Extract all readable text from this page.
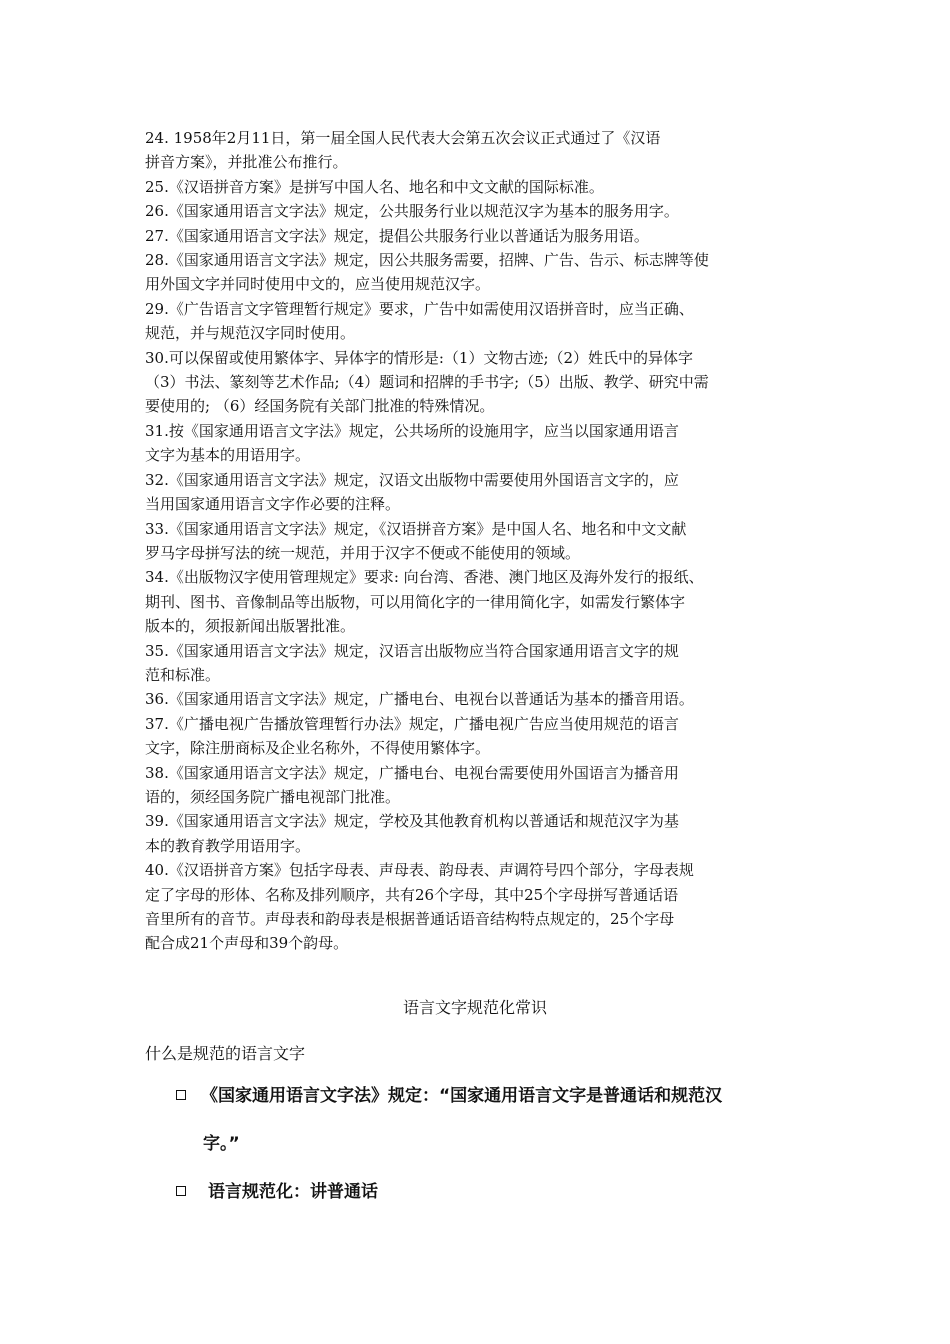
24. 1958年2月11日，第一届全国人民代表大会第五次会议正式通过了《汉语
拼音方案》，并批准公布推行。

25.《汉语拼音方案》是拼写中国人名、地名和中文文献的国际标准。

26.《国家通用语言文字法》规定，公共服务行业以规范汉字为基本的服务用字。

27.《国家通用语言文字法》规定，提倡公共服务行业以普通话为服务用语。

28.《国家通用语言文字法》规定，因公共服务需要，招牌、广告、告示、标志牌等使
用外国文字并同时使用中文的，应当使用规范汉字。

29.《广告语言文字管理暂行规定》要求，广告中如需使用汉语拼音时，应当正确、
规范，并与规范汉字同时使用。

30.可以保留或使用繁体字、异体字的情形是:（1）文物古迹;（2）姓氏中的异体字
（3）书法、篆刻等艺术作品;（4）题词和招牌的手书字;（5）出版、教学、研究中需
要使用的; （6）经国务院有关部门批准的特殊情况。

31.按《国家通用语言文字法》规定，公共场所的设施用字，应当以国家通用语言
文字为基本的用语用字。

32.《国家通用语言文字法》规定，汉语文出版物中需要使用外国语言文字的，应
当用国家通用语言文字作必要的注释。

33.《国家通用语言文字法》规定，《汉语拼音方案》是中国人名、地名和中文文献
罗马字母拼写法的统一规范，并用于汉字不便或不能使用的领域。

34.《出版物汉字使用管理规定》要求: 向台湾、香港、澳门地区及海外发行的报纸、
期刊、图书、音像制品等出版物，可以用简化字的一律用简化字，如需发行繁体字
版本的，须报新闻出版署批准。

35.《国家通用语言文字法》规定，汉语言出版物应当符合国家通用语言文字的规
范和标准。

36.《国家通用语言文字法》规定，广播电台、电视台以普通话为基本的播音用语。

37.《广播电视广告播放管理暂行办法》规定，广播电视广告应当使用规范的语言
文字，除注册商标及企业名称外，不得使用繁体字。

38.《国家通用语言文字法》规定，广播电台、电视台需要使用外国语言为播音用
语的，须经国务院广播电视部门批准。

39.《国家通用语言文字法》规定，学校及其他教育机构以普通话和规范汉字为基
本的教育教学用语用字。

40.《汉语拼音方案》包括字母表、声母表、韵母表、声调符号四个部分，字母表规
定了字母的形体、名称及排列顺序，共有26个字母，其中25个字母拼写普通话语
音里所有的音节。声母表和韵母表是根据普通话语音结构特点规定的，25个字母
配合成21个声母和39个韵母。

语言文字规范化常识
什么是规范的语言文字
《国家通用语言文字法》规定：“国家通用语言文字是普通话和规范汉
字。”
语言规范化：讲普通话
